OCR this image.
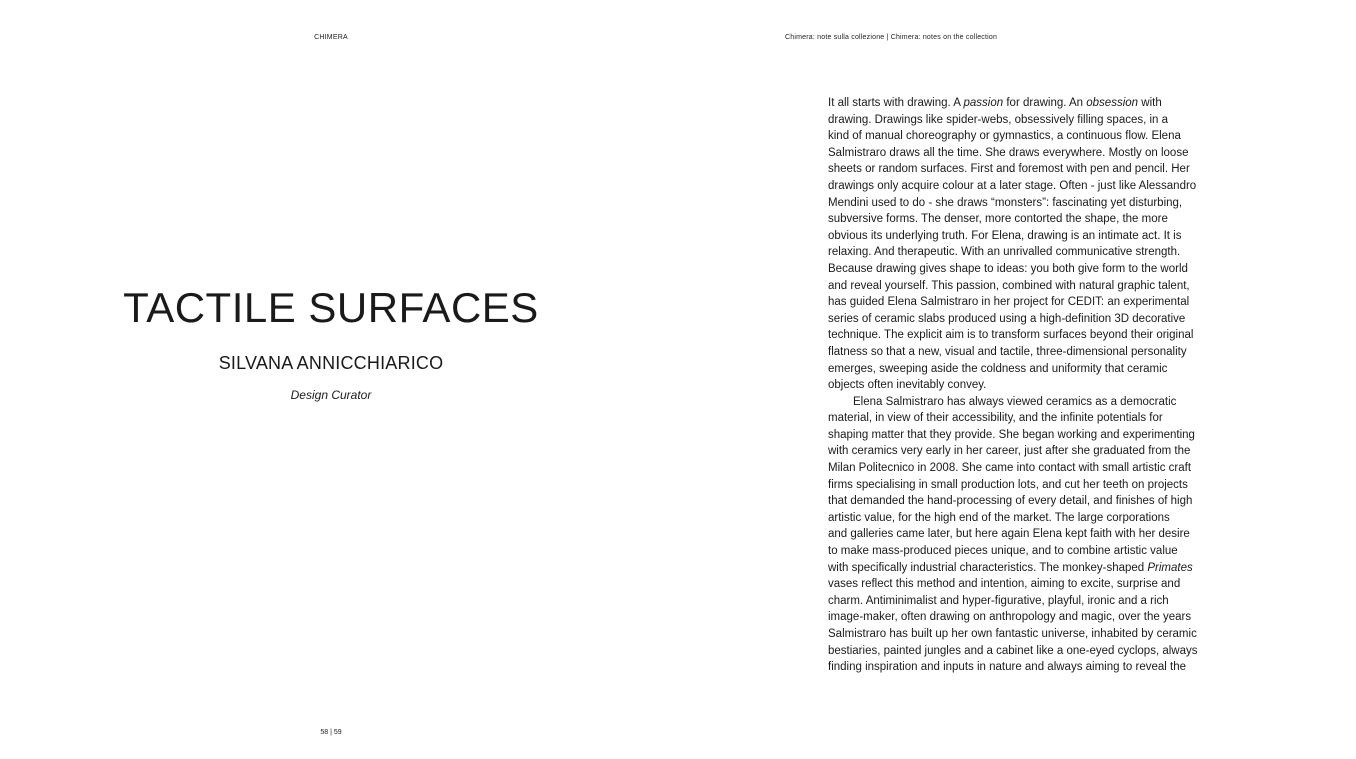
CHIMERA	Chimera: note sulla collezione | Chimera: notes on the collection
TACTILE SURFACES
SILVANA ANNICCHIARICO
Design Curator
It all starts with drawing. A passion for drawing. An obsession with
drawing. Drawings like spider-webs, obsessively filling spaces, in a
kind of manual choreography or gymnastics, a continuous flow. Elena
Salmistraro draws all the time. She draws everywhere. Mostly on loose
sheets or random surfaces. First and foremost with pen and pencil. Her
drawings only acquire colour at a later stage. Often - just like Alessandro
Mendini used to do - she draws “monsters”: fascinating yet disturbing,
subversive forms. The denser, more contorted the shape, the more
obvious its underlying truth. For Elena, drawing is an intimate act. It is
relaxing. And therapeutic. With an unrivalled communicative strength.
Because drawing gives shape to ideas: you both give form to the world
and reveal yourself. This passion, combined with natural graphic talent,
has guided Elena Salmistraro in her project for CEDIT: an experimental
series of ceramic slabs produced using a high-definition 3D decorative
technique. The explicit aim is to transform surfaces beyond their original
flatness so that a new, visual and tactile, three-dimensional personality
emerges, sweeping aside the coldness and uniformity that ceramic
objects often inevitably convey.
Elena Salmistraro has always viewed ceramics as a democratic
material, in view of their accessibility, and the infinite potentials for
shaping matter that they provide. She began working and experimenting
with ceramics very early in her career, just after she graduated from the
Milan Politecnico in 2008. She came into contact with small artistic craft
firms specialising in small production lots, and cut her teeth on projects
that demanded the hand-processing of every detail, and finishes of high
artistic value, for the high end of the market. The large corporations
and galleries came later, but here again Elena kept faith with her desire
to make mass-produced pieces unique, and to combine artistic value
with specifically industrial characteristics. The monkey-shaped Primates
vases reflect this method and intention, aiming to excite, surprise and
charm. Antiminimalist and hyper-figurative, playful, ironic and a rich
image-maker, often drawing on anthropology and magic, over the years
Salmistraro has built up her own fantastic universe, inhabited by ceramic
bestiaries, painted jungles and a cabinet like a one-eyed cyclops, always
finding inspiration and inputs in nature and always aiming to reveal the
58 | 59
